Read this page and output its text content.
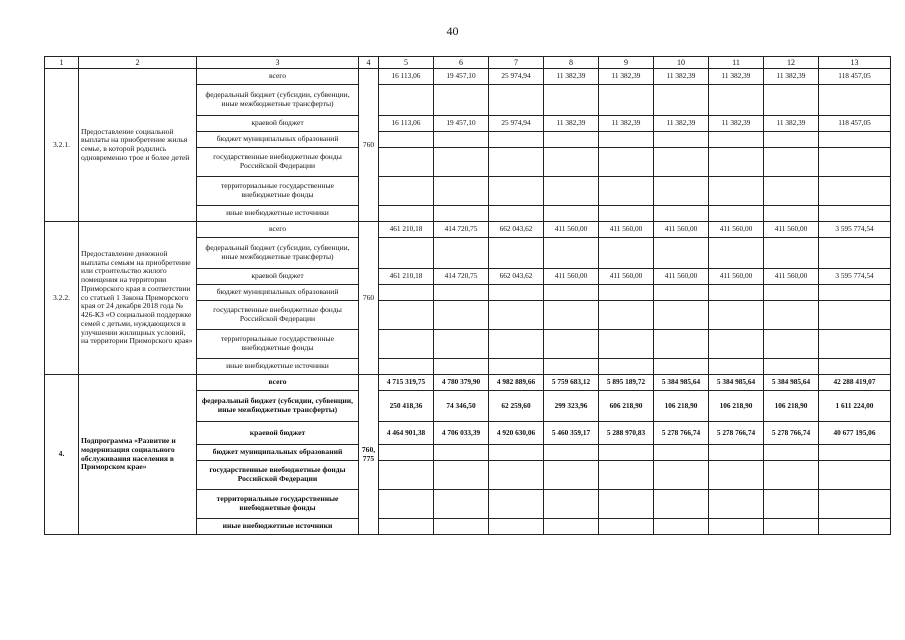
40
1	2	3	4	5	6	7	8	9	10	11	12	13
3.2.1.	Предоставление социальной выплаты на приобретение жилья семье, в которой родились одновременно трое и более детей	всего	760	16 113,06	19 457,10	25 974,94	11 382,39	11 382,39	11 382,39	11 382,39	11 382,39	118 457,05
		федеральный бюджет (субсидии, субвенции, иные межбюджетные трансферты)										
		краевой бюджет		16 113,06	19 457,10	25 974,94	11 382,39	11 382,39	11 382,39	11 382,39	11 382,39	118 457,05
		бюджет муниципальных образований										
		государственные внебюджетные фонды Российской Федерации										
		территориальные государственные внебюджетные фонды										
		иные внебюджетные источники										
3.2.2.	Предоставление денежной выплаты семьям на приобретение или строительство жилого помещения на территории Приморского края в соответствии со статьей 1 Закона Приморского края от 24 декабря 2018 года № 426-КЗ «О социальной поддержке семей с детьми, нуждающихся в улучшении жилищных условий, на территории Приморского края»	всего	760	461 210,18	414 720,75	662 043,62	411 560,00	411 560,00	411 560,00	411 560,00	411 560,00	3 595 774,54
		федеральный бюджет (субсидии, субвенции, иные межбюджетные трансферты)										
		краевой бюджет		461 210,18	414 720,75	662 043,62	411 560,00	411 560,00	411 560,00	411 560,00	411 560,00	3 595 774,54
		бюджет муниципальных образований										
		государственные внебюджетные фонды Российской Федерации										
		территориальные государственные внебюджетные фонды										
		иные внебюджетные источники										
4.	Подпрограмма «Развитие и модернизация социального обслуживания населения в Приморском крае»	всего	760, 775	4 715 319,75	4 780 379,90	4 982 889,66	5 759 683,12	5 895 189,72	5 384 985,64	5 384 985,64	5 384 985,64	42 288 419,07
		федеральный бюджет (субсидии, субвенции, иные межбюджетные трансферты)		250 418,36	74 346,50	62 259,60	299 323,96	606 218,90	106 218,90	106 218,90	106 218,90	1 611 224,00
		краевой бюджет		4 464 901,38	4 706 033,39	4 920 630,06	5 460 359,17	5 288 970,83	5 278 766,74	5 278 766,74	5 278 766,74	40 677 195,06
		бюджет муниципальных образований										
		государственные внебюджетные фонды Российской Федерации										
		территориальные государственные внебюджетные фонды										
		иные внебюджетные источники										
